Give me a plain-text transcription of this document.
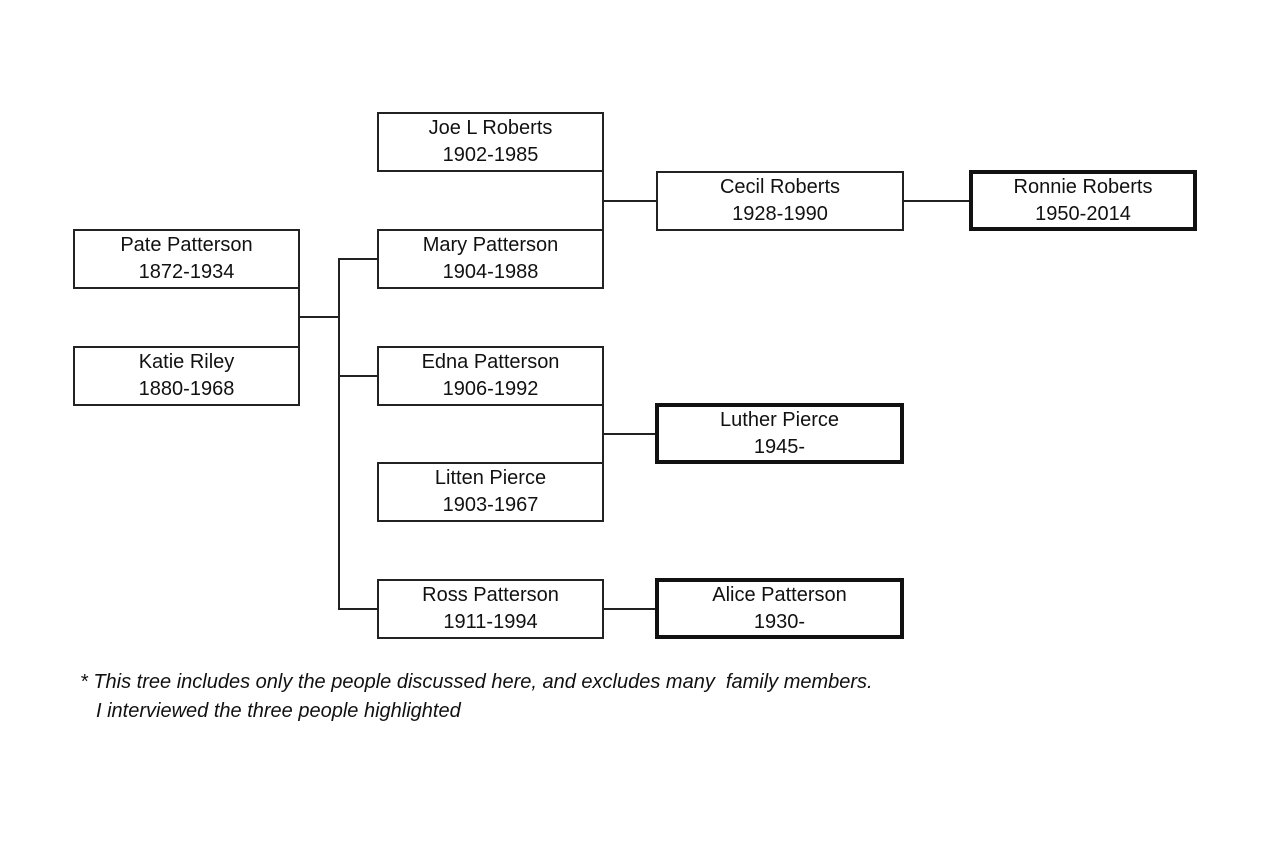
Pate Patterson
1872-1934
Katie Riley
1880-1968
Joe L Roberts
1902-1985
Mary Patterson
1904-1988
Edna Patterson
1906-1992
Litten Pierce
1903-1967
Ross Patterson
1911-1994
Cecil Roberts
1928-1990
Ronnie Roberts
1950-2014
Luther Pierce
1945-
Alice Patterson
1930-
* This tree includes only the people discussed here, and excludes many  family members.
I interviewed the three people highlighted
